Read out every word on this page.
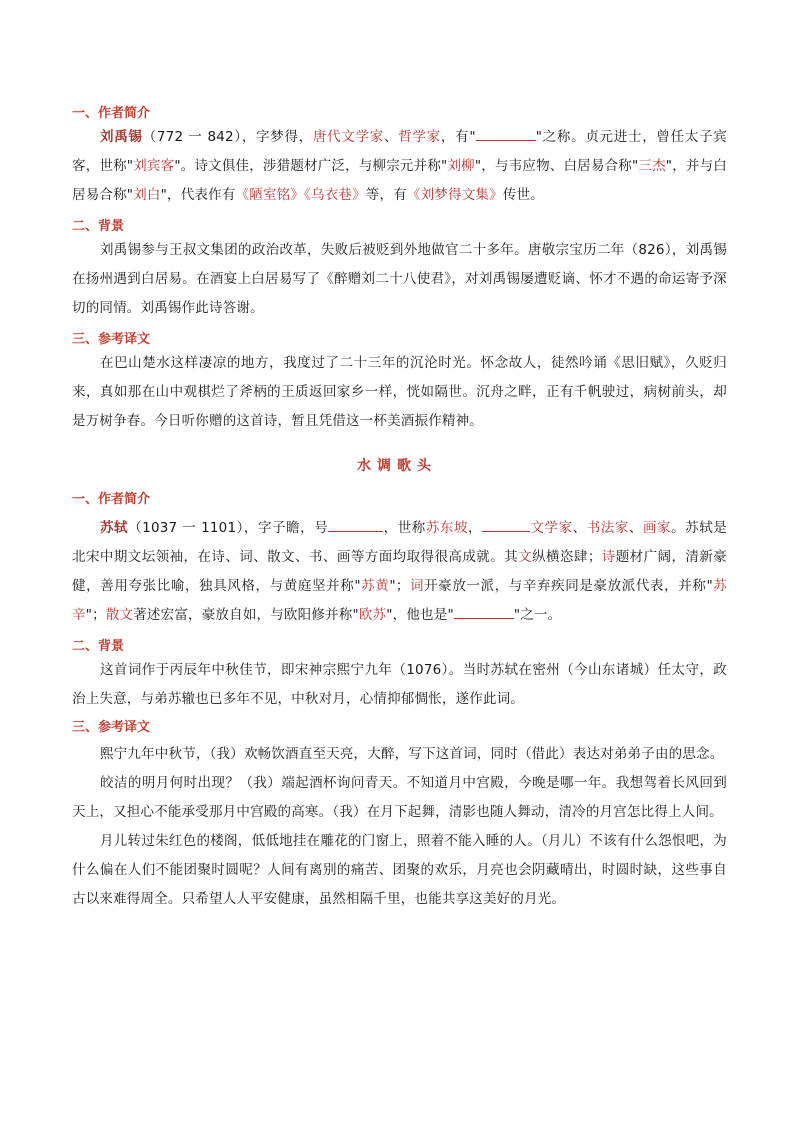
一、作者简介

刘禹锡（772 一 842），字梦得，唐代文学家、哲学家，有"	"之称。贞元进士，曾任太子宾客，世称"刘宾客"。诗文俱佳，涉猎题材广泛，与柳宗元并称"刘柳"，与韦应物、白居易合称"三杰"，并与白居易合称"刘白"，代表作有《陋室铭》《乌衣巷》等，有《刘梦得文集》传世。

二、背景

刘禹锡参与王叔文集团的政治改革，失败后被贬到外地做官二十多年。唐敬宗宝历二年（826），刘禹锡在扬州遇到白居易。在酒宴上白居易写了《醉赠刘二十八使君》，对刘禹锡屡遭贬谪、怀才不遇的命运寄予深切的同情。刘禹锡作此诗答谢。

三、参考译文

在巴山楚水这样凄凉的地方，我度过了二十三年的沉沦时光。怀念故人，徒然吟诵《思旧赋》，久贬归来，真如那在山中观棋烂了斧柄的王质返回家乡一样，恍如隔世。沉舟之畔，正有千帆驶过，病树前头，却是万树争春。今日听你赠的这首诗，暂且凭借这一杯美酒振作精神。

水调歌头
一、作者简介

苏轼（1037 一 1101），字子瞻，号	，世称苏东坡，	文学家、书法家、画家。苏轼是北宋中期文坛领袖，在诗、词、散文、书、画等方面均取得很高成就。其文纵横恣肆；诗题材广阔，清新豪健，善用夸张比喻，独具风格，与黄庭坚并称"苏黄"；词开豪放一派，与辛弃疾同是豪放派代表，并称"苏辛"；散文著述宏富，豪放自如，与欧阳修并称"欧苏"，他也是"	"之一。

二、背景

这首词作于丙辰年中秋佳节，即宋神宗熙宁九年（1076）。当时苏轼在密州（今山东诸城）任太守，政治上失意，与弟苏辙也已多年不见，中秋对月，心情抑郁惆怅，遂作此词。

三、参考译文

熙宁九年中秋节，（我）欢畅饮酒直至天亮，大醉，写下这首词，同时（借此）表达对弟弟子由的思念。

皎洁的明月何时出现？（我）端起酒杯询问青天。不知道月中宫殿，今晚是哪一年。我想驾着长风回到天上，又担心不能承受那月中宫殿的高寒。（我）在月下起舞，清影也随人舞动，清冷的月宫怎比得上人间。

月儿转过朱红色的楼阁，低低地挂在雕花的门窗上，照着不能入睡的人。（月儿）不该有什么怨恨吧，为什么偏在人们不能团聚时圆呢？人间有离别的痛苦、团聚的欢乐，月亮也会阴藏晴出，时圆时缺，这些事自古以来难得周全。只希望人人平安健康，虽然相隔千里，也能共享这美好的月光。
